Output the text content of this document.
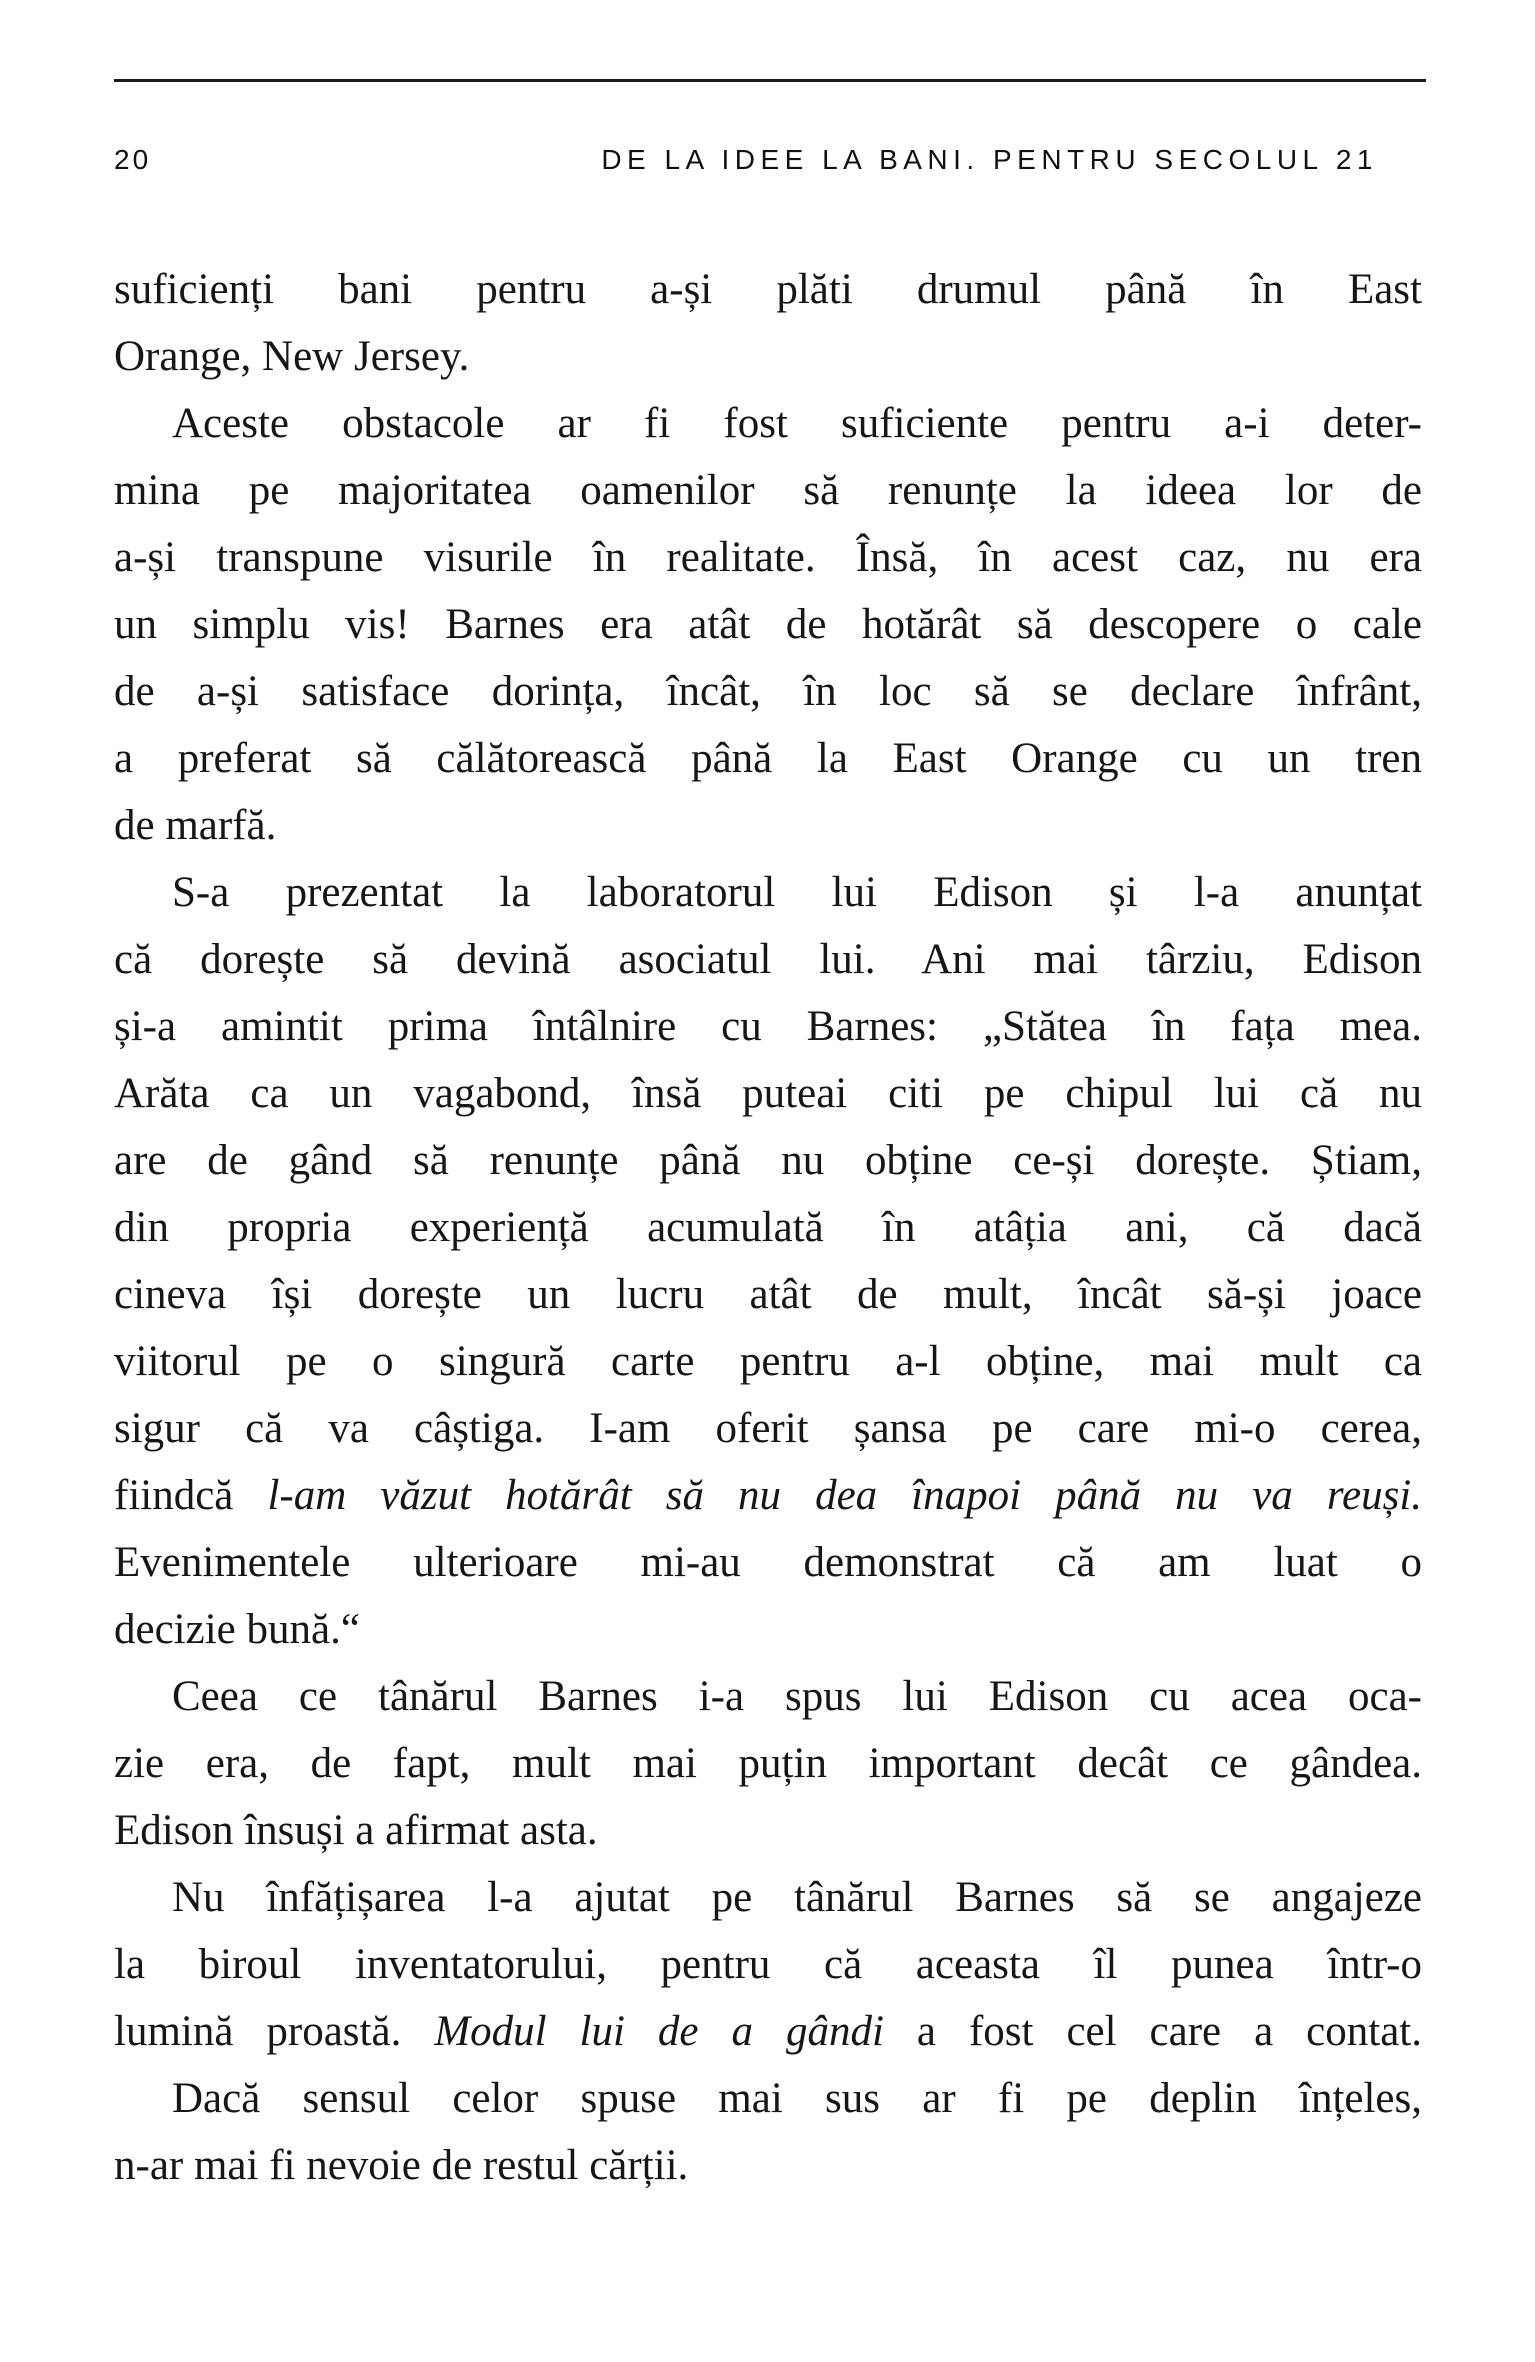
20	DE LA IDEE LA BANI. PENTRU SECOLUL 21
suficienți bani pentru a-și plăti drumul până în East
Orange, New Jersey.
Aceste obstacole ar fi fost suficiente pentru a-i deter-
mina pe majoritatea oamenilor să renunțe la ideea lor de
a-și transpune visurile în realitate. Însă, în acest caz, nu era
un simplu vis! Barnes era atât de hotărât să descopere o cale
de a-și satisface dorința, încât, în loc să se declare înfrânt,
a preferat să călătorească până la East Orange cu un tren
de marfă.
S-a prezentat la laboratorul lui Edison și l-a anunțat
că dorește să devină asociatul lui. Ani mai târziu, Edison
și-a amintit prima întâlnire cu Barnes: „Stătea în fața mea.
Arăta ca un vagabond, însă puteai citi pe chipul lui că nu
are de gând să renunțe până nu obține ce-și dorește. Știam,
din propria experiență acumulată în atâția ani, că dacă
cineva își dorește un lucru atât de mult, încât să-și joace
viitorul pe o singură carte pentru a-l obține, mai mult ca
sigur că va câștiga. I-am oferit șansa pe care mi-o cerea,
fiindcă l-am văzut hotărât să nu dea înapoi până nu va reuși.
Evenimentele ulterioare mi-au demonstrat că am luat o
decizie bună.“
Ceea ce tânărul Barnes i-a spus lui Edison cu acea oca-
zie era, de fapt, mult mai puțin important decât ce gândea.
Edison însuși a afirmat asta.
Nu înfățișarea l-a ajutat pe tânărul Barnes să se angajeze
la biroul inventatorului, pentru că aceasta îl punea într-o
lumină proastă. Modul lui de a gândi a fost cel care a contat.
Dacă sensul celor spuse mai sus ar fi pe deplin înțeles,
n-ar mai fi nevoie de restul cărții.
